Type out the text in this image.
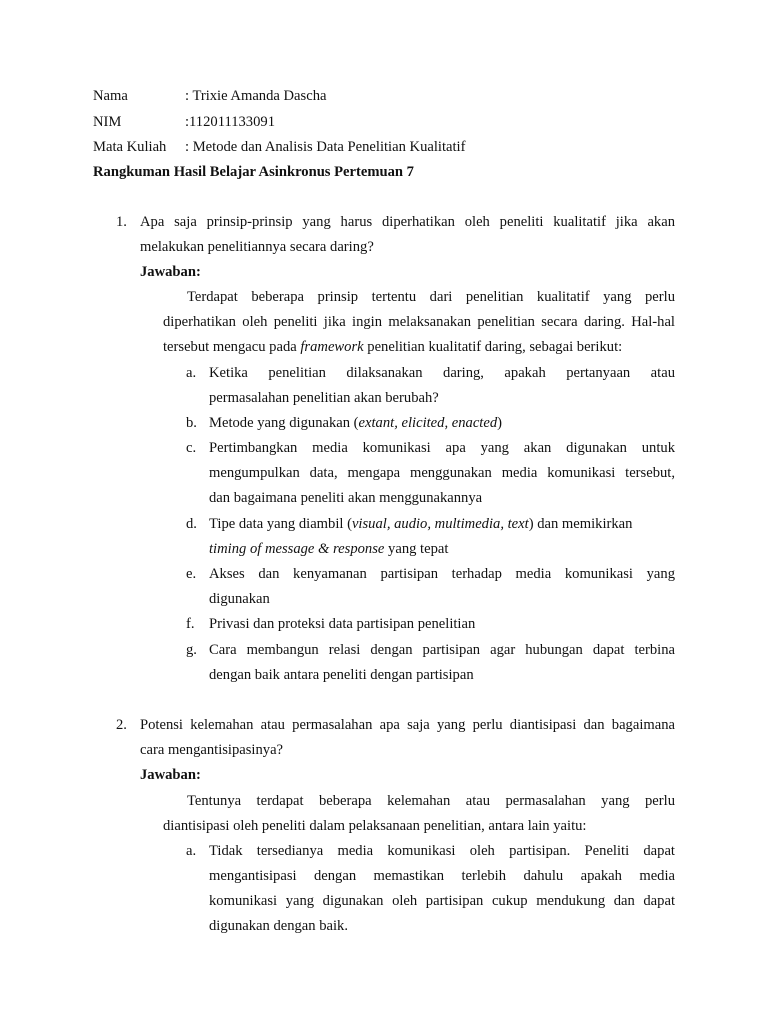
Nama	: Trixie Amanda Dascha
NIM	:112011133091
Mata Kuliah : Metode dan Analisis Data Penelitian Kualitatif
Rangkuman Hasil Belajar Asinkronus Pertemuan 7
1. Apa saja prinsip-prinsip yang harus diperhatikan oleh peneliti kualitatif jika akan
melakukan penelitiannya secara daring?
Jawaban:
Terdapat beberapa prinsip tertentu dari penelitian kualitatif yang perlu
diperhatikan oleh peneliti jika ingin melaksanakan penelitian secara daring. Hal-hal
tersebut mengacu pada framework penelitian kualitatif daring, sebagai berikut:
a. Ketika penelitian dilaksanakan daring, apakah pertanyaan atau
permasalahan penelitian akan berubah?
b. Metode yang digunakan (extant, elicited, enacted)
c. Pertimbangkan media komunikasi apa yang akan digunakan untuk
mengumpulkan data, mengapa menggunakan media komunikasi tersebut,
dan bagaimana peneliti akan menggunakannya
d. Tipe data yang diambil (visual, audio, multimedia, text) dan memikirkan
timing of message & response yang tepat
e. Akses dan kenyamanan partisipan terhadap media komunikasi yang
digunakan
f. Privasi dan proteksi data partisipan penelitian
g. Cara membangun relasi dengan partisipan agar hubungan dapat terbina
dengan baik antara peneliti dengan partisipan
2. Potensi kelemahan atau permasalahan apa saja yang perlu diantisipasi dan bagaimana
cara mengantisipasinya?
Jawaban:
Tentunya terdapat beberapa kelemahan atau permasalahan yang perlu
diantisipasi oleh peneliti dalam pelaksanaan penelitian, antara lain yaitu:
a. Tidak tersedianya media komunikasi oleh partisipan. Peneliti dapat
mengantisipasi dengan memastikan terlebih dahulu apakah media
komunikasi yang digunakan oleh partisipan cukup mendukung dan dapat
digunakan dengan baik.
